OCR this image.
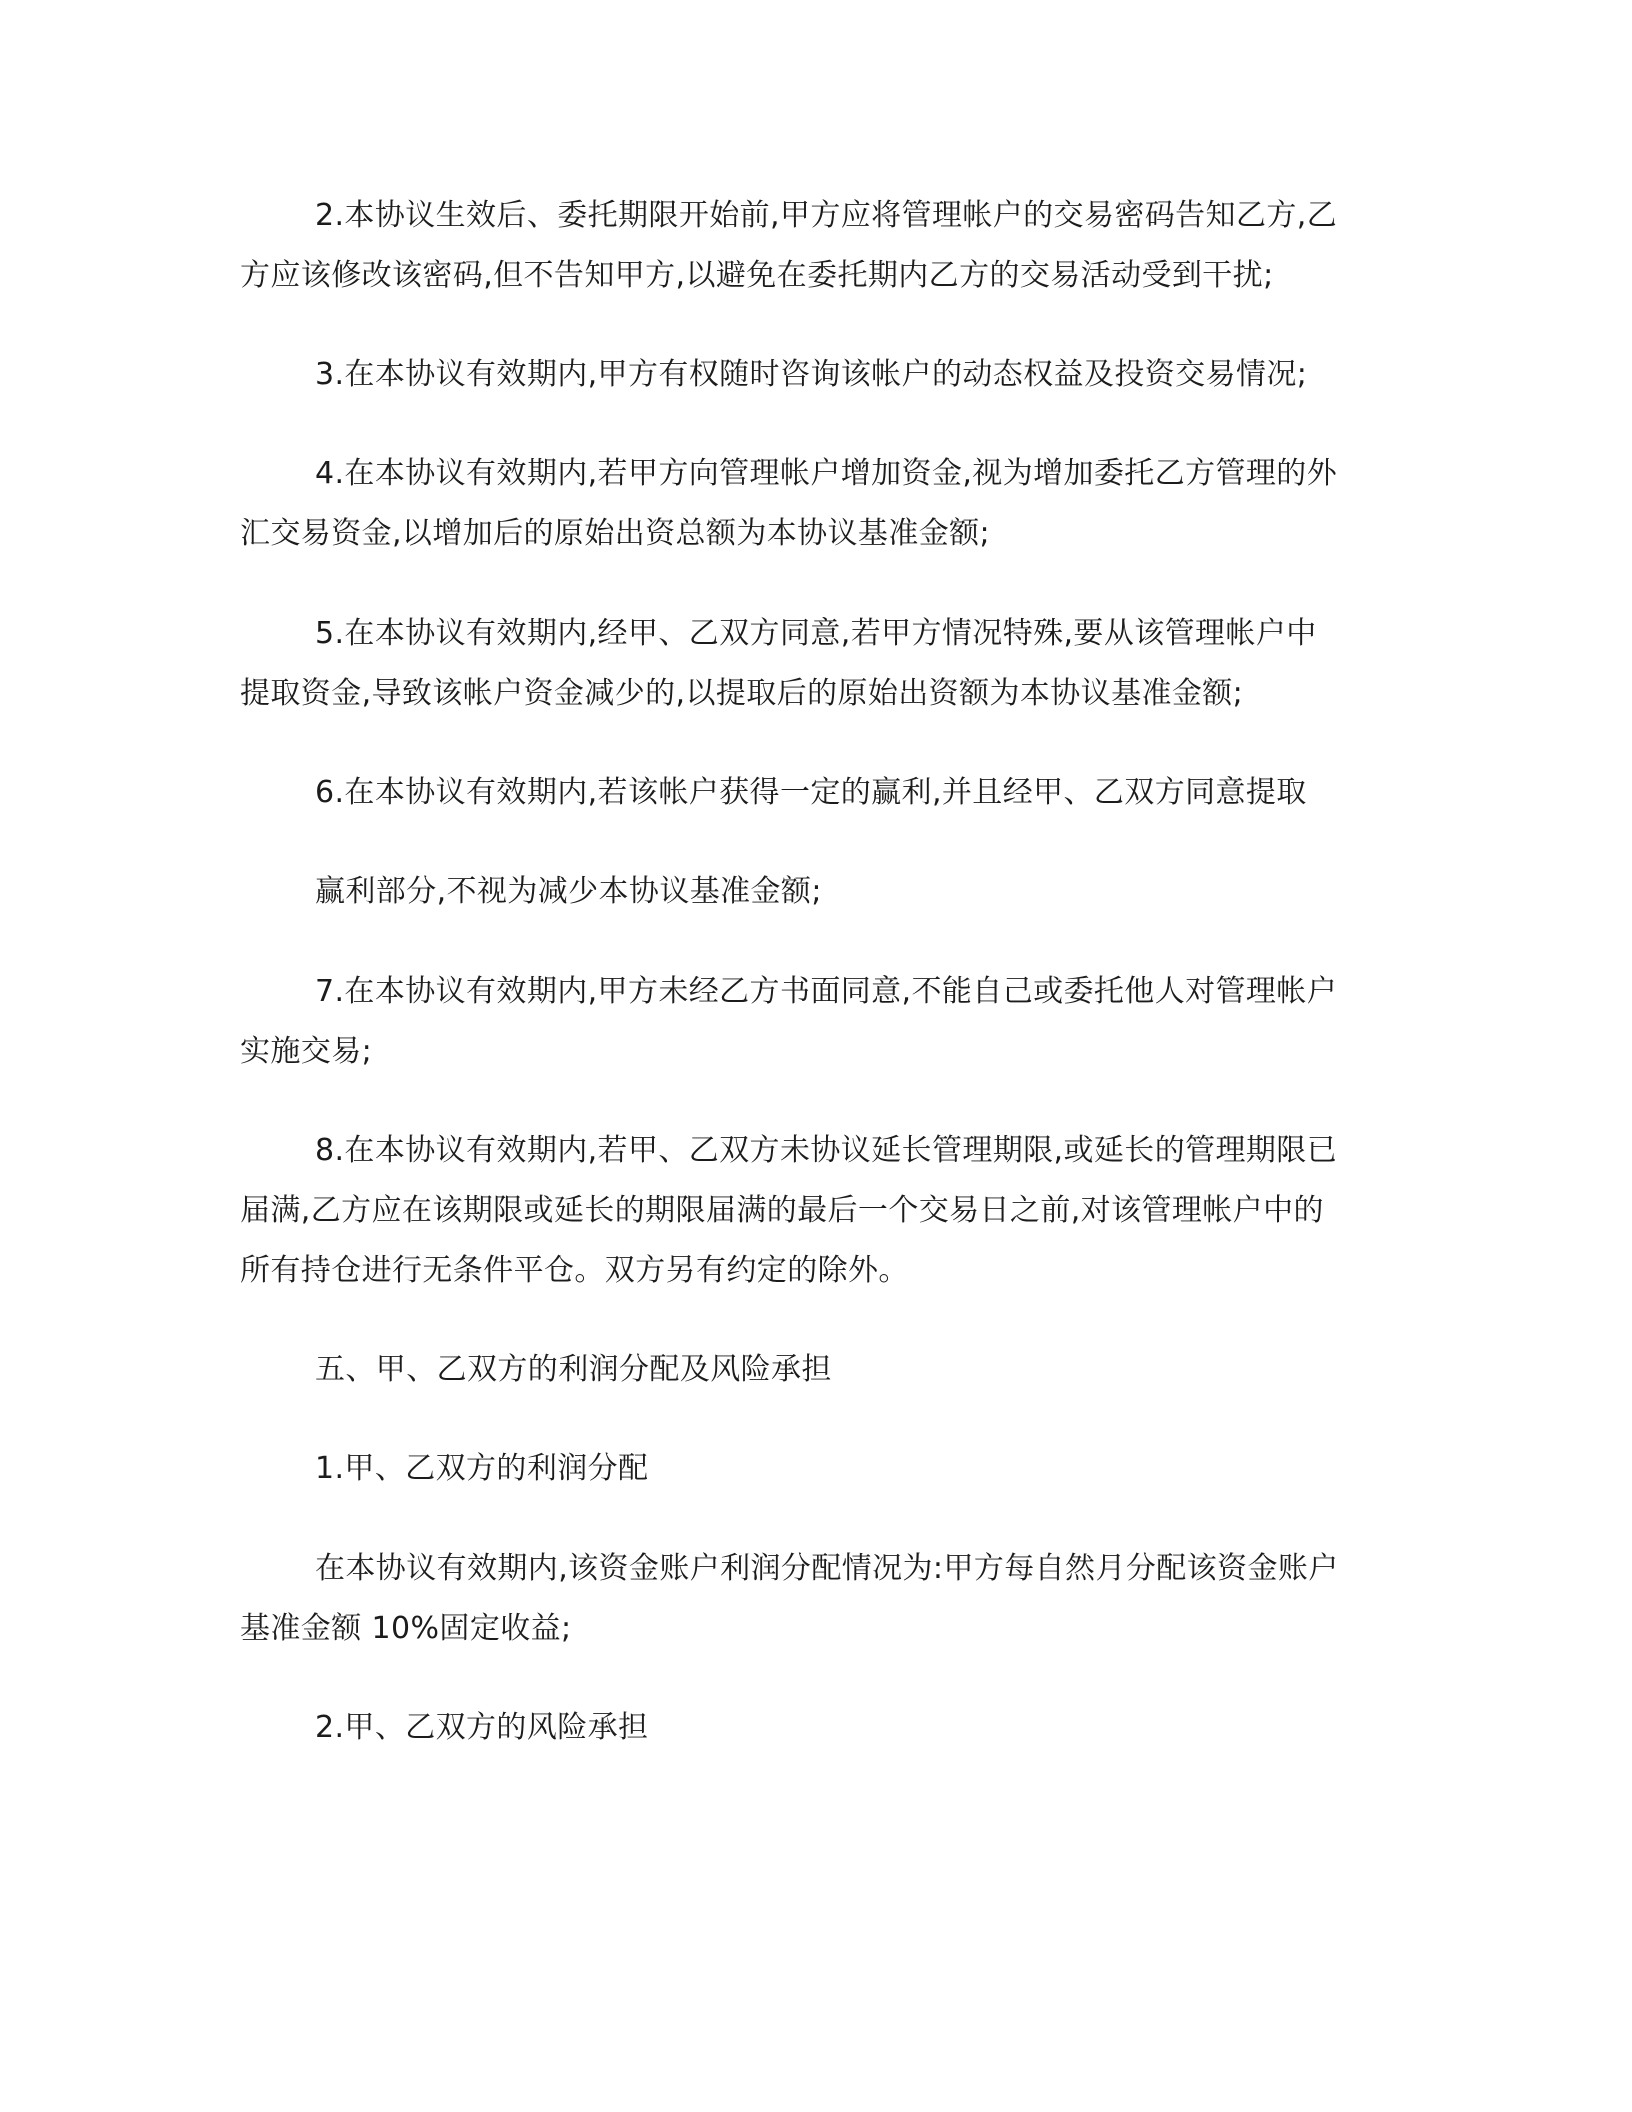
2.本协议生效后、委托期限开始前,甲方应将管理帐户的交易密码告知乙方,乙
方应该修改该密码,但不告知甲方,以避免在委托期内乙方的交易活动受到干扰;
3.在本协议有效期内,甲方有权随时咨询该帐户的动态权益及投资交易情况;
4.在本协议有效期内,若甲方向管理帐户增加资金,视为增加委托乙方管理的外
汇交易资金,以增加后的原始出资总额为本协议基准金额;
5.在本协议有效期内,经甲、乙双方同意,若甲方情况特殊,要从该管理帐户中
提取资金,导致该帐户资金减少的,以提取后的原始出资额为本协议基准金额;
6.在本协议有效期内,若该帐户获得一定的赢利,并且经甲、乙双方同意提取
赢利部分,不视为减少本协议基准金额;
7.在本协议有效期内,甲方未经乙方书面同意,不能自己或委托他人对管理帐户
实施交易;
8.在本协议有效期内,若甲、乙双方未协议延长管理期限,或延长的管理期限已
届满,乙方应在该期限或延长的期限届满的最后一个交易日之前,对该管理帐户中的
所有持仓进行无条件平仓。双方另有约定的除外。
五、甲、乙双方的利润分配及风险承担
1.甲、乙双方的利润分配
在本协议有效期内,该资金账户利润分配情况为:甲方每自然月分配该资金账户
基准金额 10%固定收益;
2.甲、乙双方的风险承担
